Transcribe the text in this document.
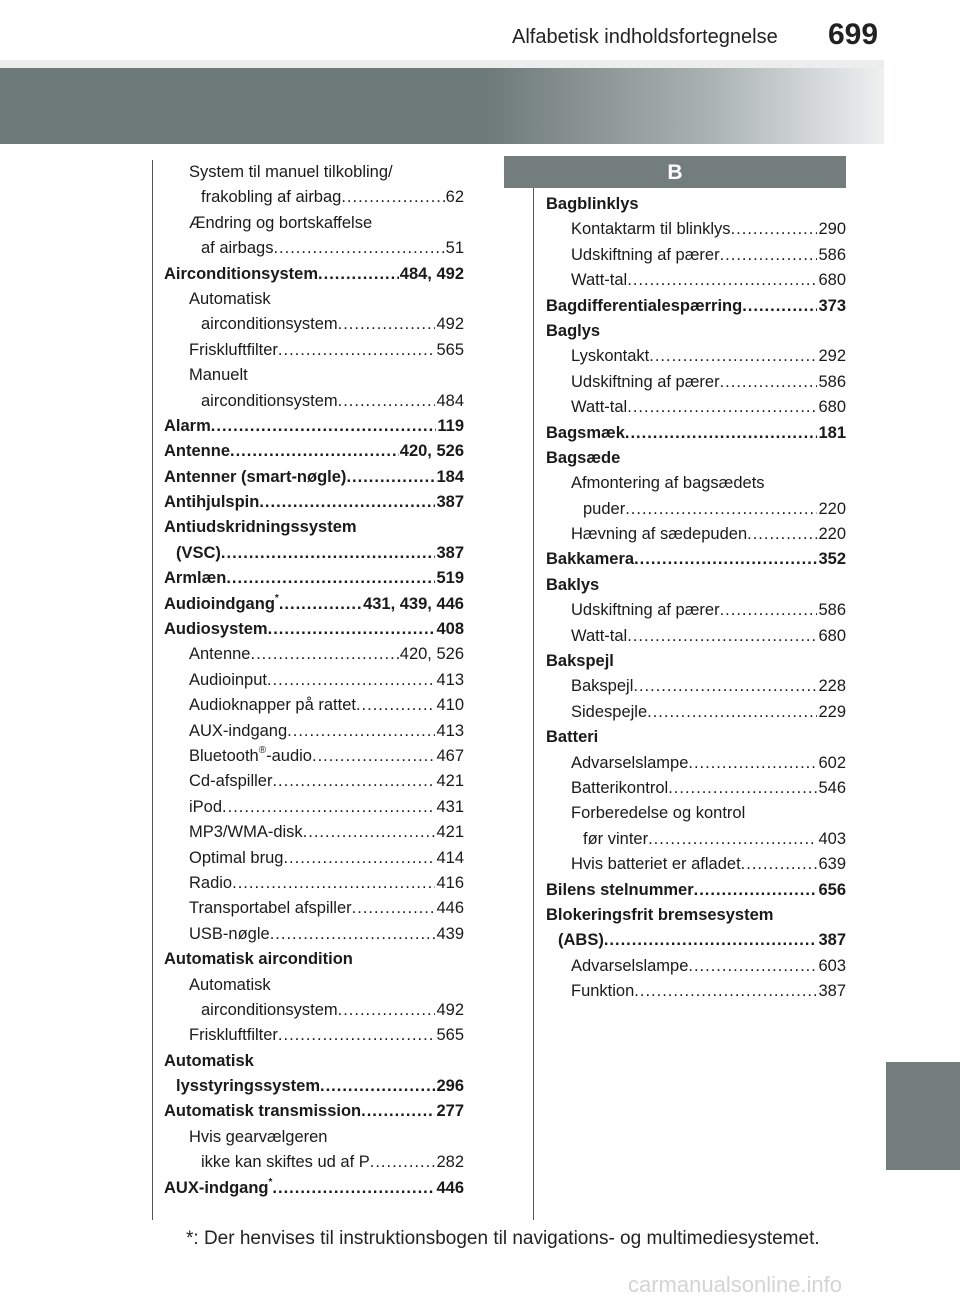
Alfabetisk indholdsfortegnelse 699
B
System til manuel tilkobling/
frakobling af airbag .....	62
Ændring og bortskaffelse
af airbags .....	51
Airconditionsystem .....	484, 492
Automatisk
airconditionsystem .....	492
Friskluftfilter .....	565
Manuelt
airconditionsystem .....	484
Alarm .....	119
Antenne .....	420, 526
Antenner (smart-nøgle) .....	184
Antihjulspin .....	387
Antiudskridningssystem
(VSC) .....	387
Armlæn .....	519
Audioindgang* .....	431, 439, 446
Audiosystem .....	408
Antenne .....	420, 526
Audioinput .....	413
Audioknapper på rattet .....	410
AUX-indgang .....	413
Bluetooth®-audio .....	467
Cd-afspiller .....	421
iPod .....	431
MP3/WMA-disk .....	421
Optimal brug .....	414
Radio .....	416
Transportabel afspiller .....	446
USB-nøgle .....	439
Automatisk aircondition
Automatisk
airconditionsystem .....	492
Friskluftfilter .....	565
Automatisk
lysstyringssystem .....	296
Automatisk transmission .....	277
Hvis gearvælgeren
ikke kan skiftes ud af P .....	282
AUX-indgang* .....	446
Bagblinklys
Kontaktarm til blinklys .....	290
Udskiftning af pærer .....	586
Watt-tal .....	680
Bagdifferentialespærring .....	373
Baglys
Lyskontakt .....	292
Udskiftning af pærer .....	586
Watt-tal .....	680
Bagsmæk .....	181
Bagsæde
Afmontering af bagsædets
puder .....	220
Hævning af sædepuden .....	220
Bakkamera .....	352
Baklys
Udskiftning af pærer .....	586
Watt-tal .....	680
Bakspejl
Bakspejl .....	228
Sidespejle .....	229
Batteri
Advarselslampe .....	602
Batterikontrol .....	546
Forberedelse og kontrol
før vinter .....	403
Hvis batteriet er afladet .....	639
Bilens stelnummer .....	656
Blokeringsfrit bremsesystem
(ABS) .....	387
Advarselslampe .....	603
Funktion .....	387
*: Der henvises til instruktionsbogen til navigations- og multimediesystemet.
carmanualsonline.info
